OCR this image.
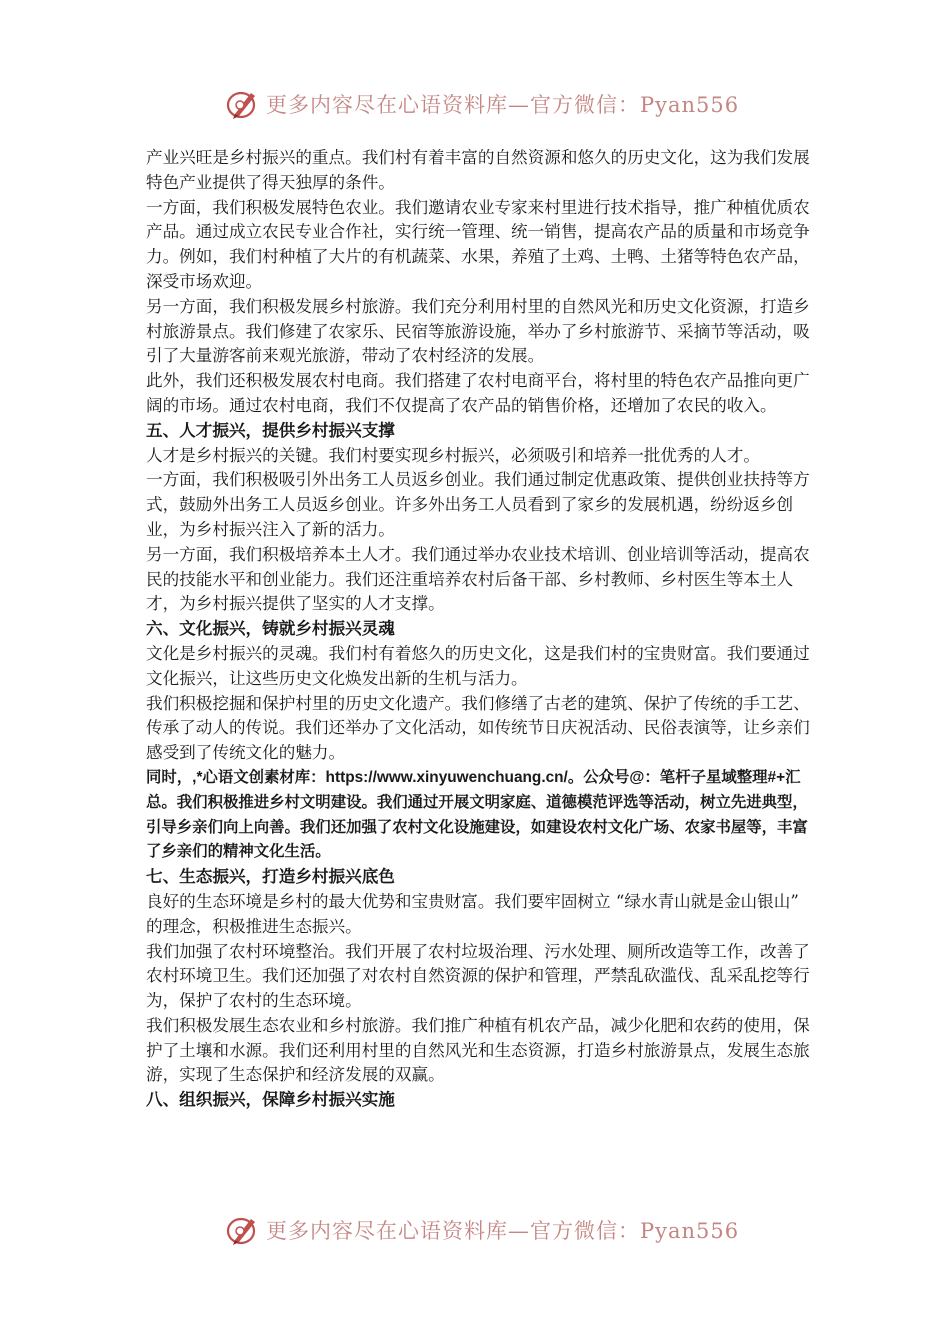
更多内容尽在心语资料库—官方微信：Pyan556

产业兴旺是乡村振兴的重点。我们村有着丰富的自然资源和悠久的历史文化，这为我们发展特色产业提供了得天独厚的条件。

一方面，我们积极发展特色农业。我们邀请农业专家来村里进行技术指导，推广种植优质农产品。通过成立农民专业合作社，实行统一管理、统一销售，提高农产品的质量和市场竞争力。例如，我们村种植了大片的有机蔬菜、水果，养殖了土鸡、土鸭、土猪等特色农产品，深受市场欢迎。

另一方面，我们积极发展乡村旅游。我们充分利用村里的自然风光和历史文化资源，打造乡村旅游景点。我们修建了农家乐、民宿等旅游设施，举办了乡村旅游节、采摘节等活动，吸引了大量游客前来观光旅游，带动了农村经济的发展。

此外，我们还积极发展农村电商。我们搭建了农村电商平台，将村里的特色农产品推向更广阔的市场。通过农村电商，我们不仅提高了农产品的销售价格，还增加了农民的收入。

五、人才振兴，提供乡村振兴支撑

人才是乡村振兴的关键。我们村要实现乡村振兴，必须吸引和培养一批优秀的人才。

一方面，我们积极吸引外出务工人员返乡创业。我们通过制定优惠政策、提供创业扶持等方式，鼓励外出务工人员返乡创业。许多外出务工人员看到了家乡的发展机遇，纷纷返乡创业，为乡村振兴注入了新的活力。

另一方面，我们积极培养本土人才。我们通过举办农业技术培训、创业培训等活动，提高农民的技能水平和创业能力。我们还注重培养农村后备干部、乡村教师、乡村医生等本土人才，为乡村振兴提供了坚实的人才支撑。

六、文化振兴，铸就乡村振兴灵魂

文化是乡村振兴的灵魂。我们村有着悠久的历史文化，这是我们村的宝贵财富。我们要通过文化振兴，让这些历史文化焕发出新的生机与活力。

我们积极挖掘和保护村里的历史文化遗产。我们修缮了古老的建筑、保护了传统的手工艺、传承了动人的传说。我们还举办了文化活动，如传统节日庆祝活动、民俗表演等，让乡亲们感受到了传统文化的魅力。

同时，,*心语文创素材库：https://www.xinyuwenchuang.cn/。公众号@：笔杆子星域整理#+汇总。我们积极推进乡村文明建设。我们通过开展文明家庭、道德模范评选等活动，树立先进典型，引导乡亲们向上向善。我们还加强了农村文化设施建设，如建设农村文化广场、农家书屋等，丰富了乡亲们的精神文化生活。

七、生态振兴，打造乡村振兴底色

良好的生态环境是乡村的最大优势和宝贵财富。我们要牢固树立 “绿水青山就是金山银山” 的理念，积极推进生态振兴。

我们加强了农村环境整治。我们开展了农村垃圾治理、污水处理、厕所改造等工作，改善了农村环境卫生。我们还加强了对农村自然资源的保护和管理，严禁乱砍滥伐、乱采乱挖等行为，保护了农村的生态环境。

我们积极发展生态农业和乡村旅游。我们推广种植有机农产品，减少化肥和农药的使用，保护了土壤和水源。我们还利用村里的自然风光和生态资源，打造乡村旅游景点，发展生态旅游，实现了生态保护和经济发展的双赢。

八、组织振兴，保障乡村振兴实施

更多内容尽在心语资料库—官方微信：Pyan556
